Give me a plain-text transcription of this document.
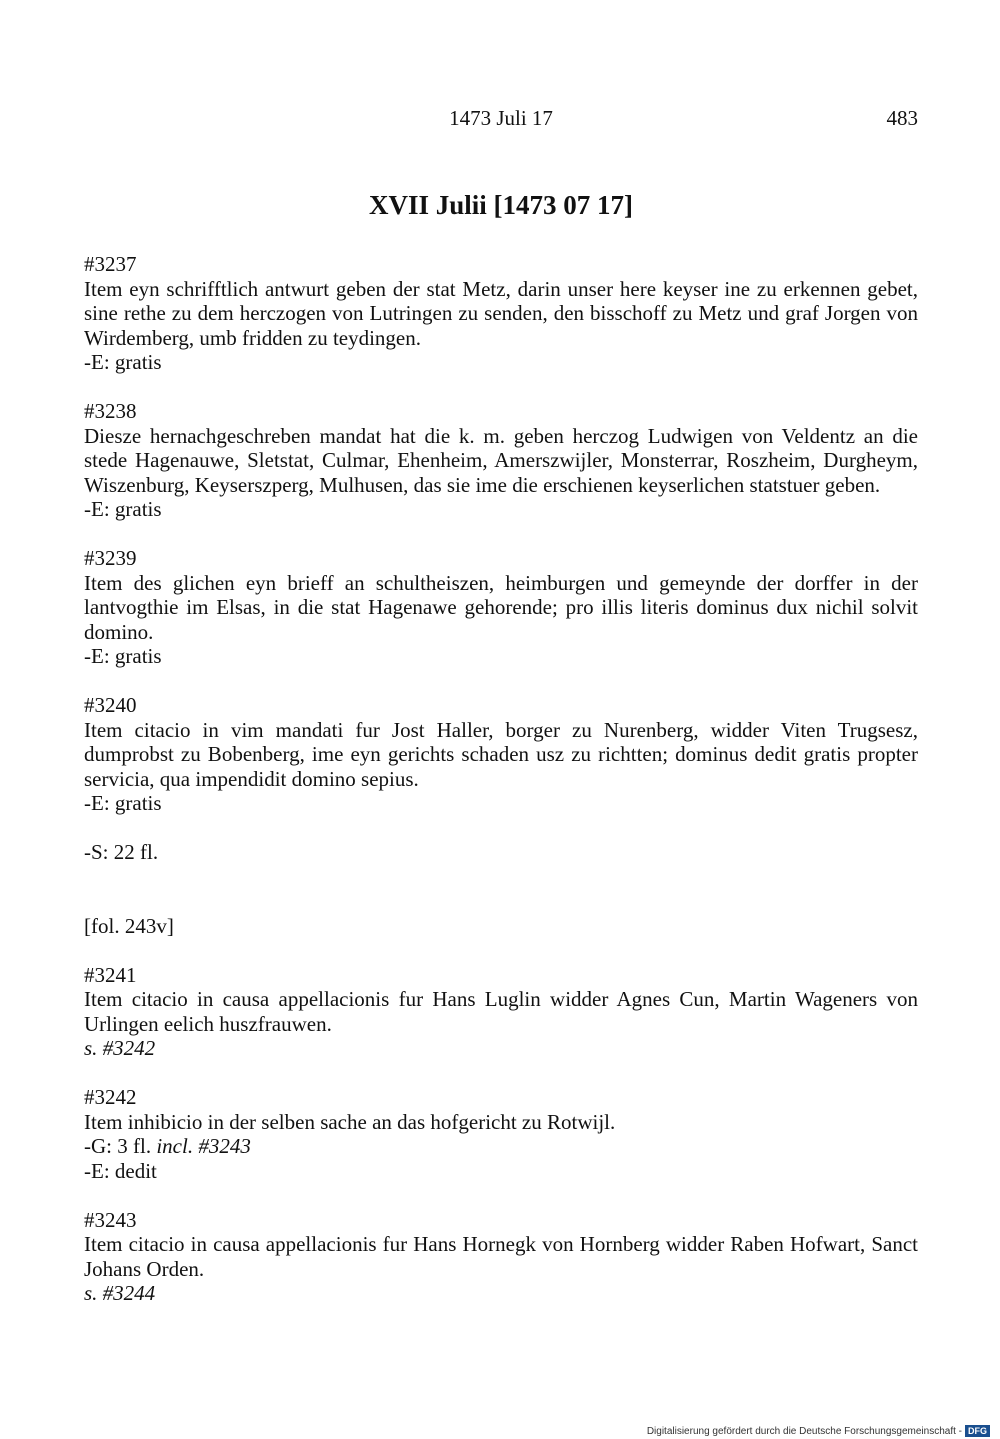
1473 Juli 17	483
XVII Julii [1473 07 17]
#3237
Item eyn schrifftlich antwurt geben der stat Metz, darin unser here keyser ine zu erkennen gebet, sine rethe zu dem herczogen von Lutringen zu senden, den bisschoff zu Metz und graf Jorgen von Wirdemberg, umb fridden zu teydingen.
-E: gratis
#3238
Diesze hernachgeschreben mandat hat die k. m. geben herczog Ludwigen von Veldentz an die stede Hagenauwe, Sletstat, Culmar, Ehenheim, Amerszwijler, Monsterrar, Roszheim, Durgheym, Wiszenburg, Keyserszperg, Mulhusen, das sie ime die erschienen keyserlichen statstuer geben.
-E: gratis
#3239
Item des glichen eyn brieff an schultheiszen, heimburgen und gemeynde der dorffer in der lantvogthie im Elsas, in die stat Hagenawe gehorende; pro illis literis dominus dux nichil solvit domino.
-E: gratis
#3240
Item citacio in vim mandati fur Jost Haller, borger zu Nurenberg, widder Viten Trugsesz, dumprobst zu Bobenberg, ime eyn gerichts schaden usz zu richtten; dominus dedit gratis propter servicia, qua impendidit domino sepius.
-E: gratis
-S: 22 fl.
[fol. 243v]
#3241
Item citacio in causa appellacionis fur Hans Luglin widder Agnes Cun, Martin Wageners von Urlingen eelich huszfrauwen.
s. #3242
#3242
Item inhibicio in der selben sache an das hofgericht zu Rotwijl.
-G: 3 fl. incl. #3243
-E: dedit
#3243
Item citacio in causa appellacionis fur Hans Hornegk von Hornberg widder Raben Hofwart, Sanct Johans Orden.
s. #3244
Digitalisierung gefördert durch die Deutsche Forschungsgemeinschaft - DFG
